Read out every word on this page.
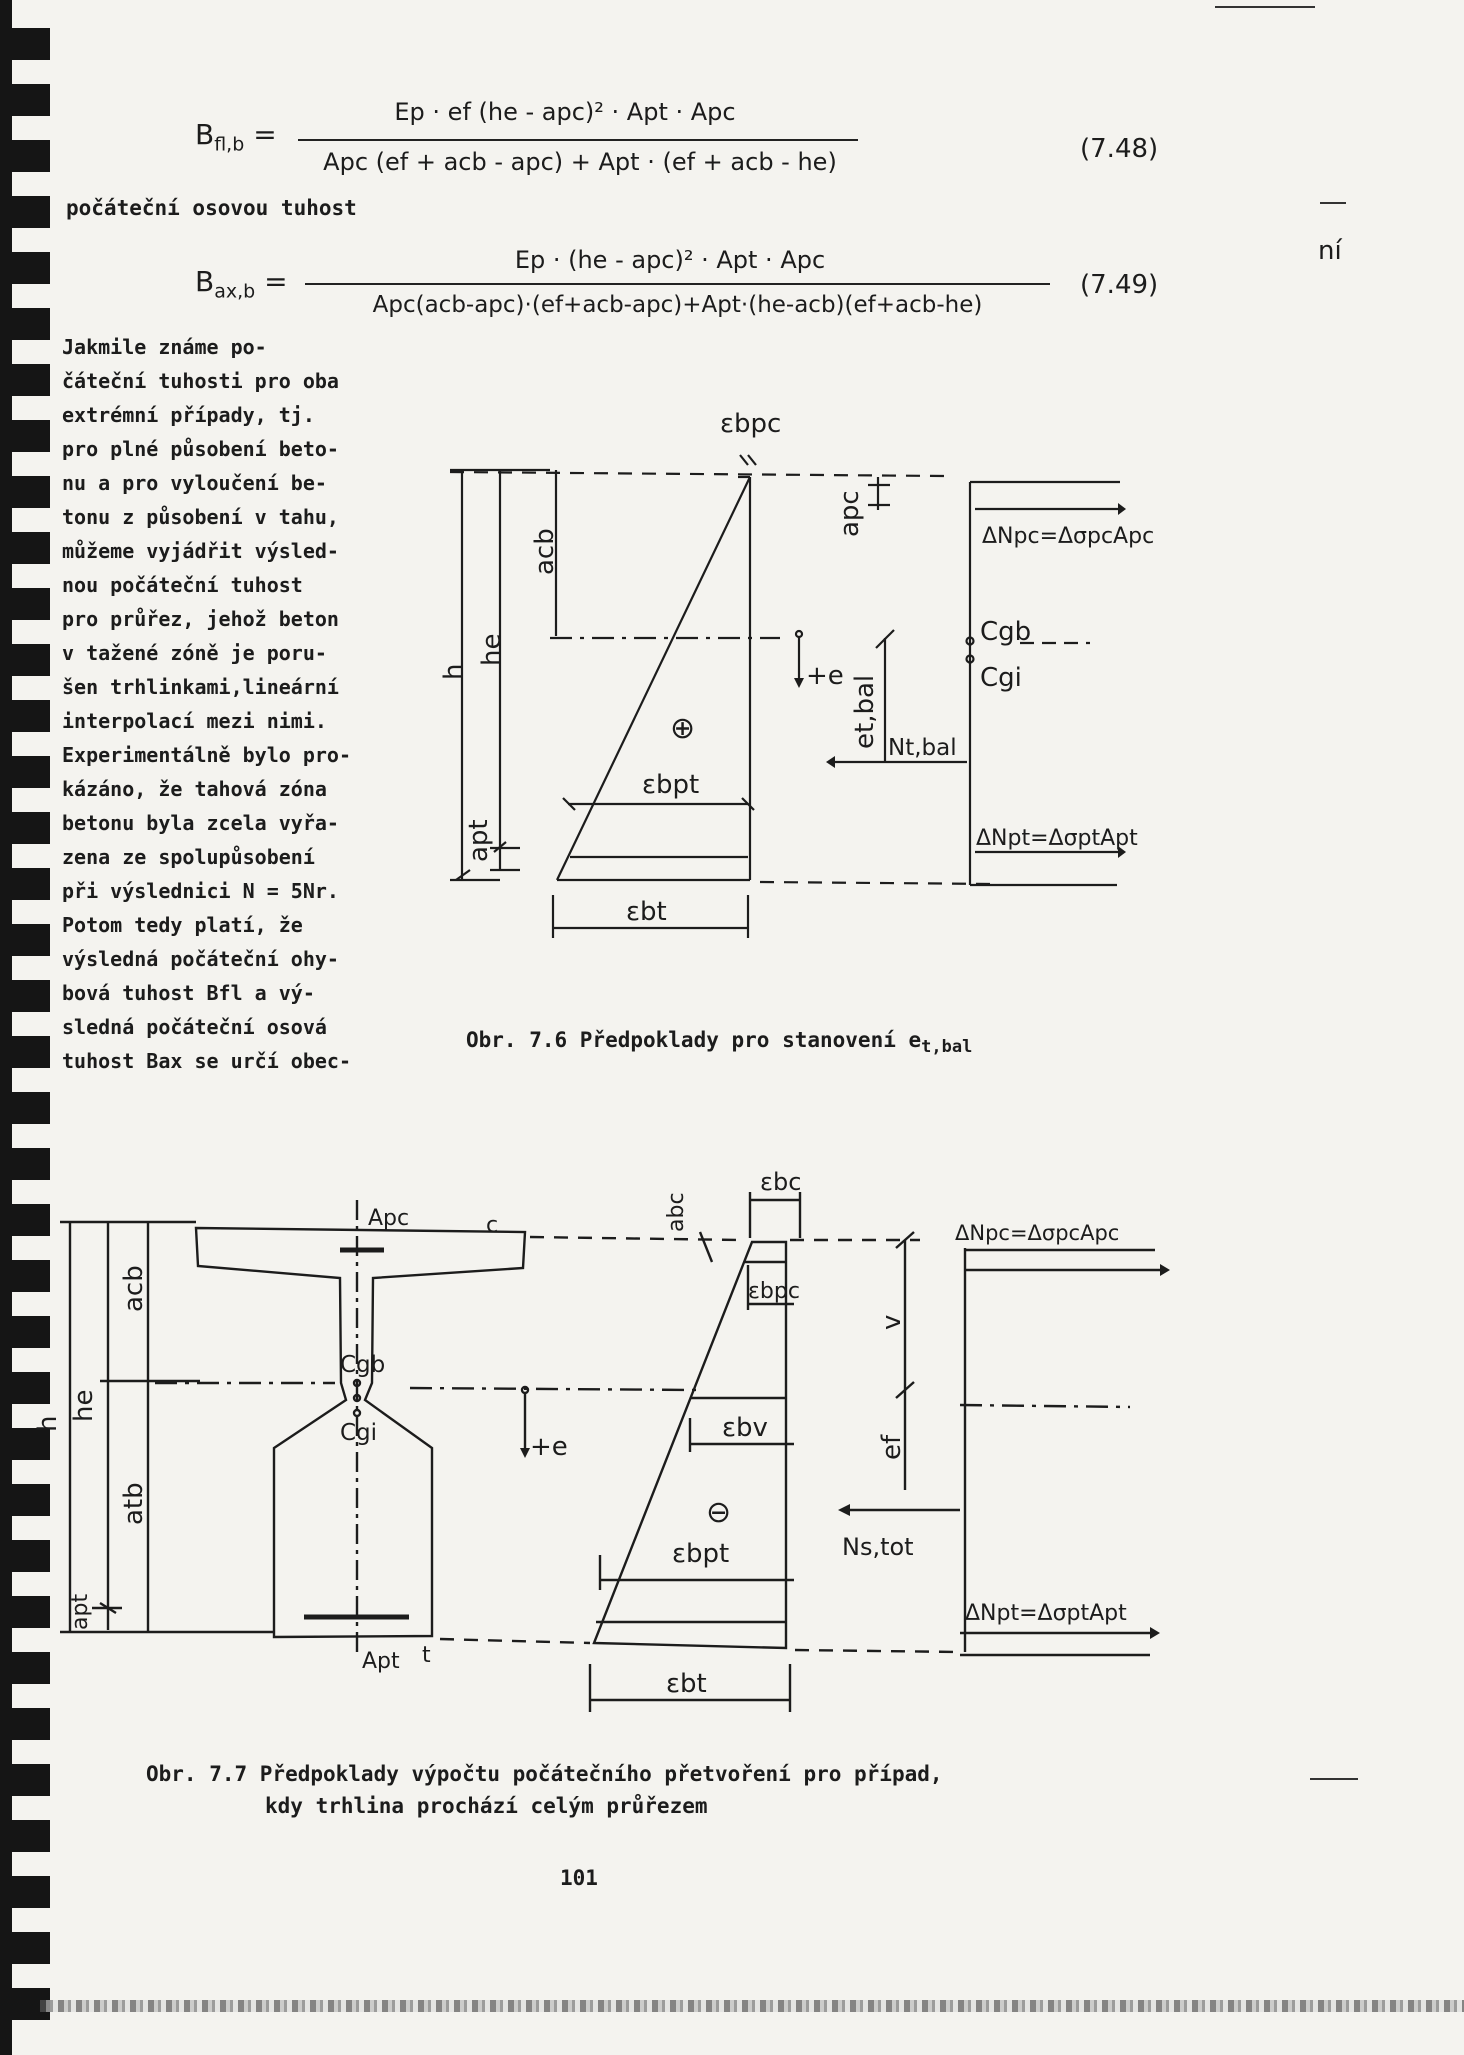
$B_{fl,b}$ =
Ep · ef (he - apc)² · Apt · Apc
Apc (ef + acb - apc) + Apt · (ef + acb - he)	(7.48)
počáteční osovou tuhost
$B_{ax,b}$ =
Ep · (he - apc)² · Apt · Apc
Apc(acb-apc)·(ef+acb-apc)+Apt·(he-acb)(ef+acb-he)
(7.49)
ní
Jakmile známe po-
čáteční tuhosti pro oba
extrémní případy, tj.
pro plné působení beto-
nu a pro vyloučení be-
tonu z působení v tahu,
můžeme vyjádřit výsled-
nou počáteční tuhost
pro průřez, jehož beton
v tažené zóně je poru-
šen trhlinkami,lineární
interpolací mezi nimi.
Experimentálně bylo pro-
kázáno, že tahová zóna
betonu byla zcela vyřa-
zena ze spolupůsobení
při výslednici N = 5Nr.
Potom tedy platí, že
výsledná počáteční ohy-
bová tuhost Bfl a vý-
sledná počáteční osová
tuhost Bax se určí obec-
εbpc
h
he
acb
apt
apc
⊕
εbpt
εbt
+e et,bal
ΔNpc=ΔσpcApc
Cgb
Cgi
Nt,bal
ΔNpt=ΔσptApt
Obr. 7.6 Předpoklady pro stanovení $e_{t,bal}$
Apc	c
Apt t
h
he
acb
atb
apt
Cgb
Cgi	+e
abc
εbc
εbpc
εbv
⊖
εbpt
εbt
v
ef
ΔNpc=ΔσpcApc
ΔNpt=ΔσptApt
Ns,tot
Obr. 7.7 Předpoklady výpočtu počátečního přetvoření pro případ,
kdy trhlina prochází celým průřezem
101
